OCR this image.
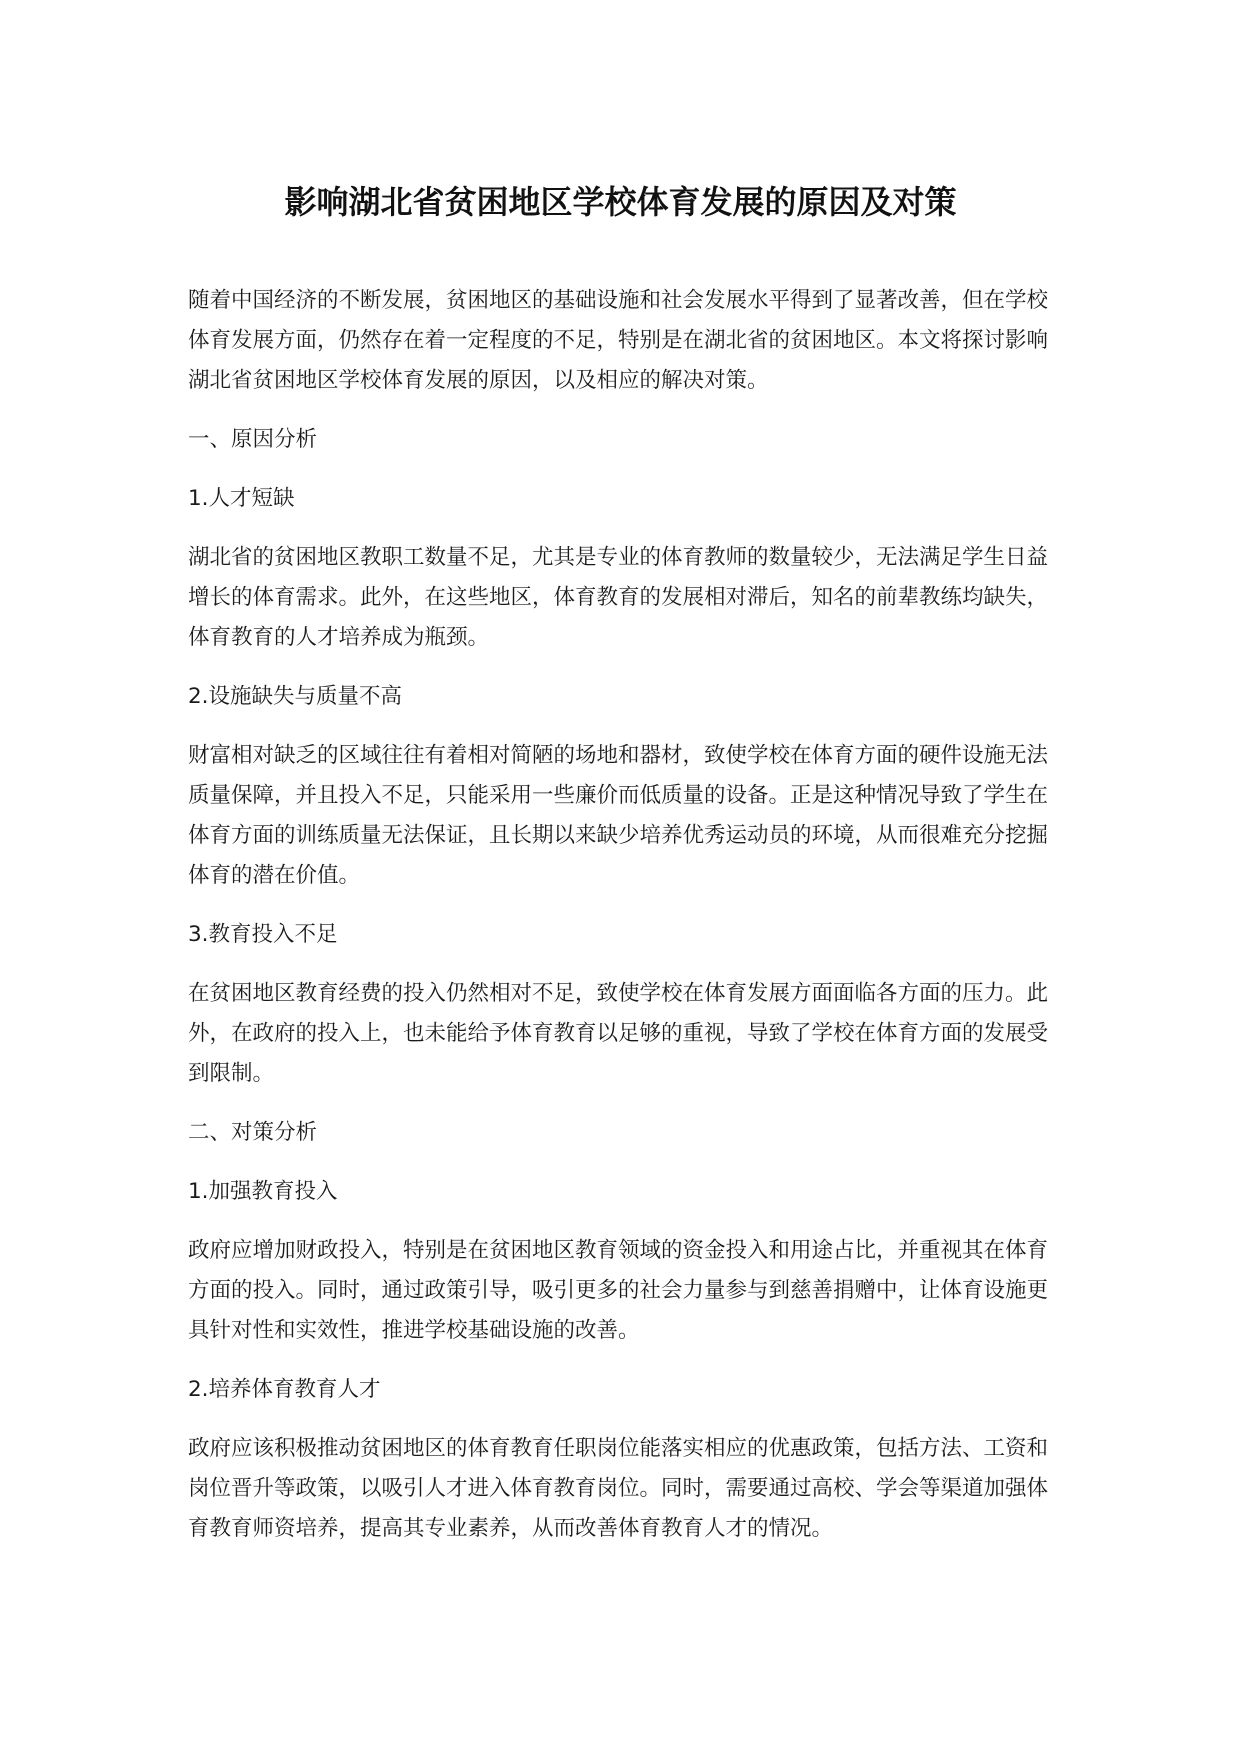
影响湖北省贫困地区学校体育发展的原因及对策

随着中国经济的不断发展，贫困地区的基础设施和社会发展水平得到了显著改善，但在学校体育发展方面，仍然存在着一定程度的不足，特别是在湖北省的贫困地区。本文将探讨影响湖北省贫困地区学校体育发展的原因，以及相应的解决对策。

一、原因分析

1.人才短缺

湖北省的贫困地区教职工数量不足，尤其是专业的体育教师的数量较少，无法满足学生日益增长的体育需求。此外，在这些地区，体育教育的发展相对滞后，知名的前辈教练均缺失，体育教育的人才培养成为瓶颈。

2.设施缺失与质量不高

财富相对缺乏的区域往往有着相对简陋的场地和器材，致使学校在体育方面的硬件设施无法质量保障，并且投入不足，只能采用一些廉价而低质量的设备。正是这种情况导致了学生在体育方面的训练质量无法保证，且长期以来缺少培养优秀运动员的环境，从而很难充分挖掘体育的潜在价值。

3.教育投入不足

在贫困地区教育经费的投入仍然相对不足，致使学校在体育发展方面面临各方面的压力。此外，在政府的投入上，也未能给予体育教育以足够的重视，导致了学校在体育方面的发展受到限制。

二、对策分析

1.加强教育投入

政府应增加财政投入，特别是在贫困地区教育领域的资金投入和用途占比，并重视其在体育方面的投入。同时，通过政策引导，吸引更多的社会力量参与到慈善捐赠中，让体育设施更具针对性和实效性，推进学校基础设施的改善。

2.培养体育教育人才

政府应该积极推动贫困地区的体育教育任职岗位能落实相应的优惠政策，包括方法、工资和岗位晋升等政策，以吸引人才进入体育教育岗位。同时，需要通过高校、学会等渠道加强体育教育师资培养，提高其专业素养，从而改善体育教育人才的情况。
